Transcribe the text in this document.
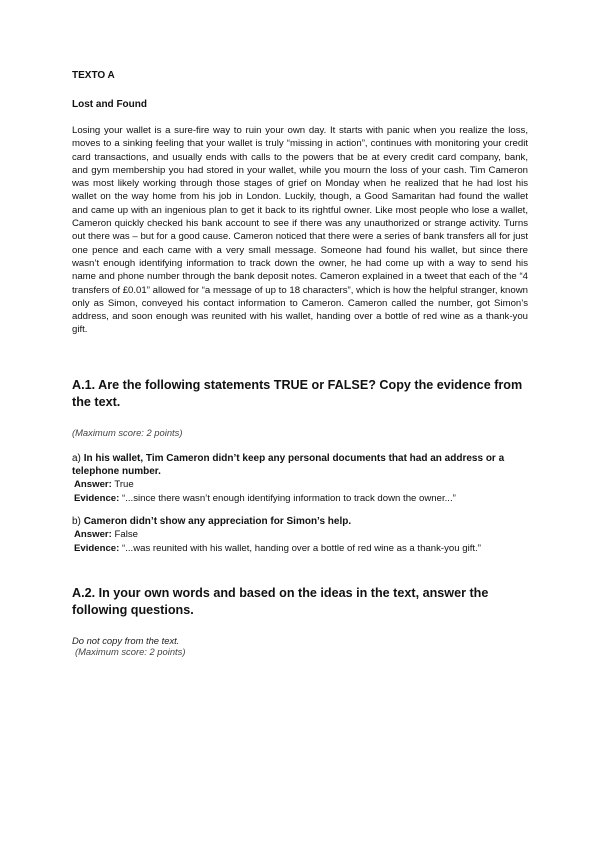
TEXTO A

Lost and Found

Losing your wallet is a sure-fire way to ruin your own day. It starts with panic when you realize the loss, moves to a sinking feeling that your wallet is truly “missing in action”, continues with monitoring your credit card transactions, and usually ends with calls to the powers that be at every credit card company, bank, and gym membership you had stored in your wallet, while you mourn the loss of your cash. Tim Cameron was most likely working through those stages of grief on Monday when he realized that he had lost his wallet on the way home from his job in London. Luckily, though, a Good Samaritan had found the wallet and came up with an ingenious plan to get it back to its rightful owner. Like most people who lose a wallet, Cameron quickly checked his bank account to see if there was any unauthorized or strange activity. Turns out there was – but for a good cause. Cameron noticed that there were a series of bank transfers all for just one pence and each came with a very small message. Someone had found his wallet, but since there wasn’t enough identifying information to track down the owner, he had come up with a way to send his name and phone number through the bank deposit notes. Cameron explained in a tweet that each of the “4 transfers of £0.01” allowed for “a message of up to 18 characters”, which is how the helpful stranger, known only as Simon, conveyed his contact information to Cameron. Cameron called the number, got Simon’s address, and soon enough was reunited with his wallet, handing over a bottle of red wine as a thank-you gift.

A.1. Are the following statements TRUE or FALSE? Copy the evidence from the text.

(Maximum score: 2 points)

a) In his wallet, Tim Cameron didn’t keep any personal documents that had an address or a telephone number.
Answer: True
Evidence: “...since there wasn’t enough identifying information to track down the owner...”
b) Cameron didn’t show any appreciation for Simon’s help.
Answer: False
Evidence: “...was reunited with his wallet, handing over a bottle of red wine as a thank-you gift.”

A.2. In your own words and based on the ideas in the text, answer the following questions.

Do not copy from the text.
(Maximum score: 2 points)
